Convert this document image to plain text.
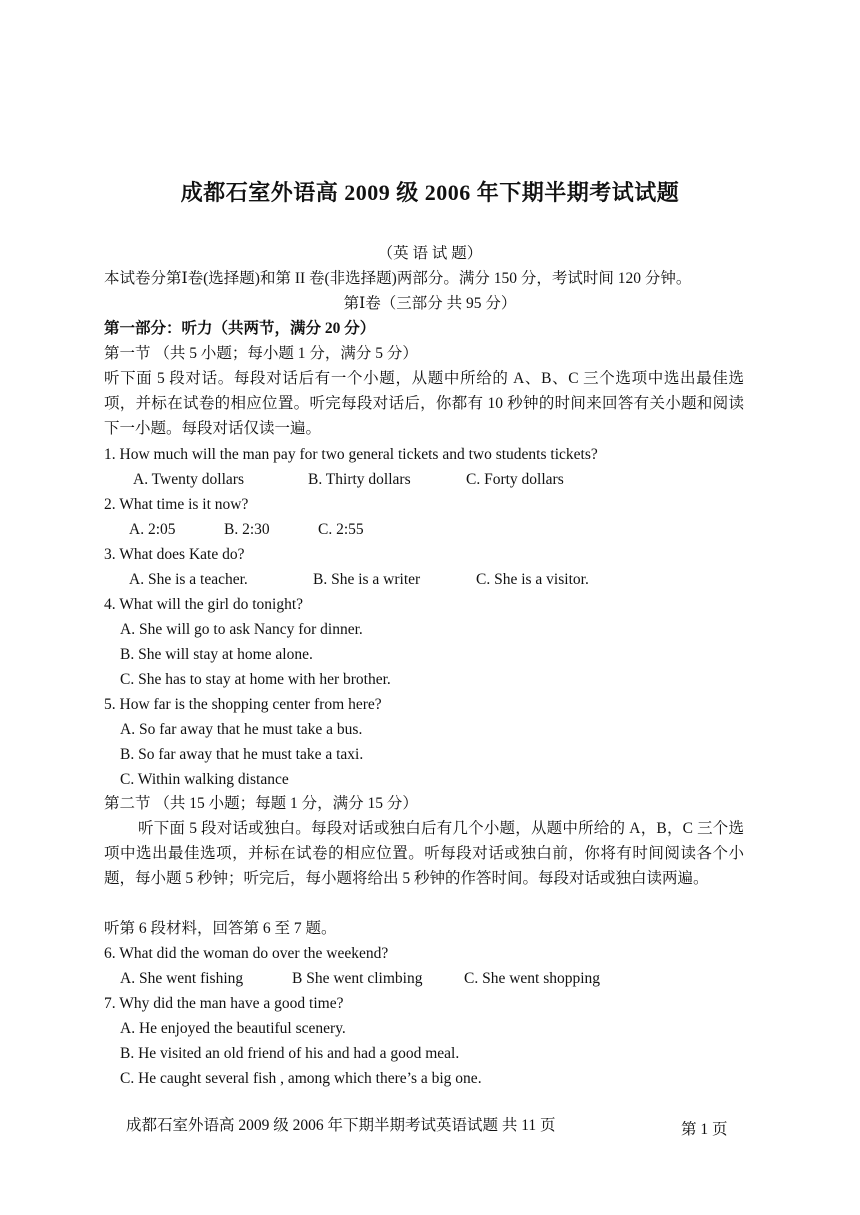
成都石室外语高 2009 级 2006 年下期半期考试试题
（英 语 试 题）
本试卷分第Ⅰ卷(选择题)和第 II 卷(非选择题)两部分。满分 150 分，考试时间 120 分钟。
第Ⅰ卷（三部分 共 95 分）
第一部分：听力（共两节，满分 20 分）
第一节 （共 5 小题；每小题 1 分，满分 5 分）
听下面 5 段对话。每段对话后有一个小题，从题中所给的 A、B、C 三个选项中选出最佳选项，并标在试卷的相应位置。听完每段对话后，你都有 10 秒钟的时间来回答有关小题和阅读下一小题。每段对话仅读一遍。
1. How much will the man pay for two general tickets and two students tickets?
A. Twenty dollars	B. Thirty dollars	C. Forty dollars
2. What time is it now?
A. 2:05	B. 2:30	C. 2:55
3. What does Kate do?
A. She is a teacher.	B. She is a writer	C. She is a visitor.
4. What will the girl do tonight?
A. She will go to ask Nancy for dinner.
B. She will stay at home alone.
C. She has to stay at home with her brother.
5. How far is the shopping center from here?
A. So far away that he must take a bus.
B. So far away that he must take a taxi.
C. Within walking distance
第二节 （共 15 小题；每题 1 分，满分 15 分）
听下面 5 段对话或独白。每段对话或独白后有几个小题，从题中所给的 A，B，C 三个选项中选出最佳选项，并标在试卷的相应位置。听每段对话或独白前，你将有时间阅读各个小题，每小题 5 秒钟；听完后，每小题将给出 5 秒钟的作答时间。每段对话或独白读两遍。
听第 6 段材料，回答第 6 至 7 题。
6. What did the woman do over the weekend?
A. She went fishing	B She went climbing	C. She went shopping
7. Why did the man have a good time?
A. He enjoyed the beautiful scenery.
B. He visited an old friend of his and had a good meal.
C. He caught several fish , among which there’s a big one.
成都石室外语高 2009 级 2006 年下期半期考试英语试题 共 11 页	第 1 页
